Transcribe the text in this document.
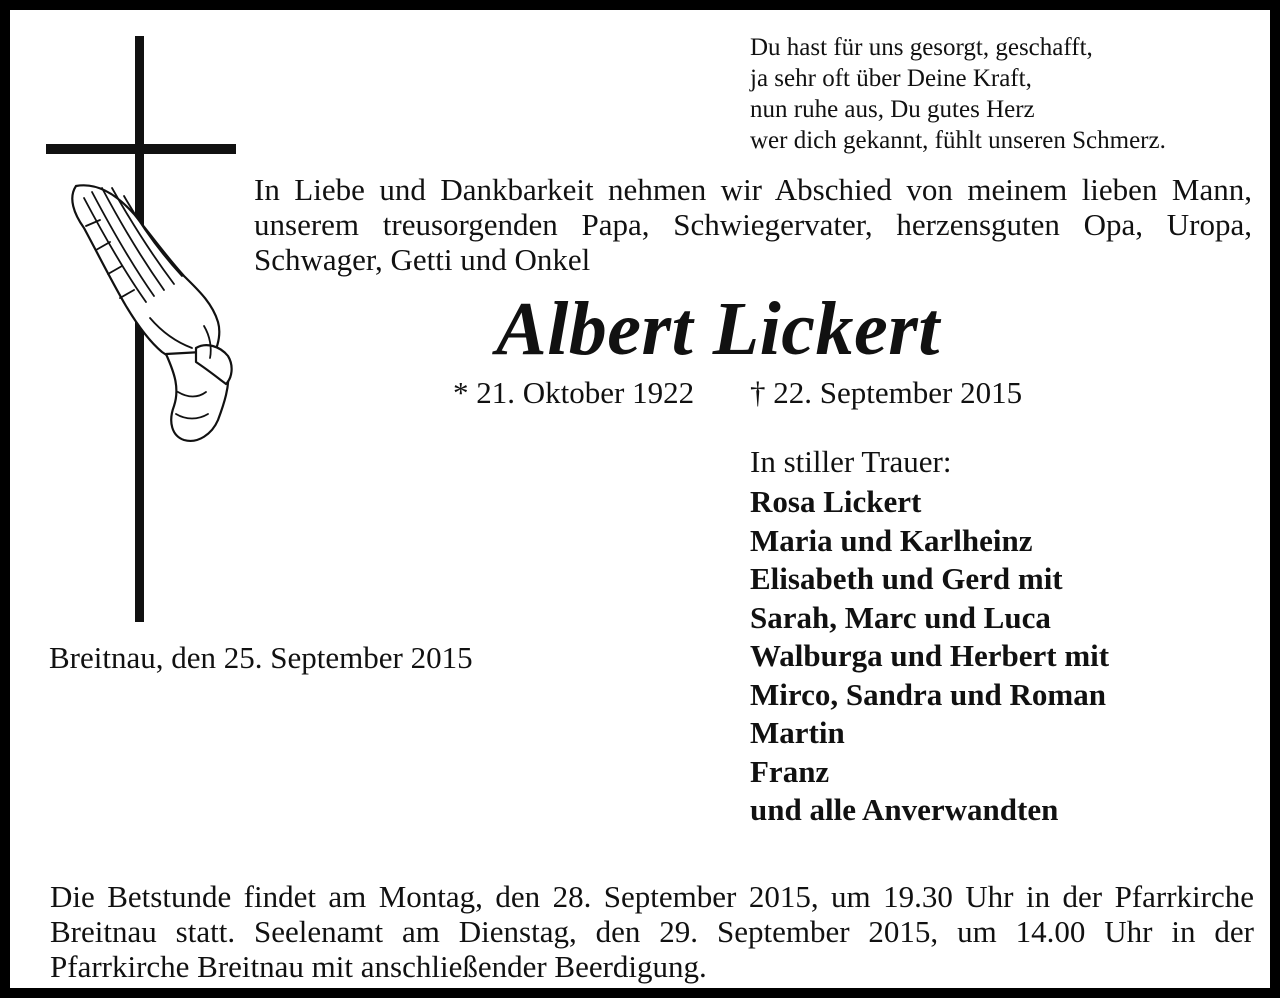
Du hast für uns gesorgt, geschafft,
ja sehr oft über Deine Kraft,
nun ruhe aus, Du gutes Herz
wer dich gekannt, fühlt unseren Schmerz.
In Liebe und Dankbarkeit nehmen wir Abschied von meinem lieben Mann, unserem treusorgenden Papa, Schwiegervater, herzensguten Opa, Uropa, Schwager, Getti und Onkel
Albert Lickert
* 21. Oktober 1922 † 22. September 2015
In stiller Trauer:
Rosa Lickert
Maria und Karlheinz
Elisabeth und Gerd mit
Sarah, Marc und Luca
Walburga und Herbert mit
Mirco, Sandra und Roman
Martin
Franz
und alle Anverwandten
Breitnau, den 25. September 2015
Die Betstunde findet am Montag, den 28. September 2015, um 19.30 Uhr in der Pfarrkirche Breitnau statt. Seelenamt am Dienstag, den 29. September 2015, um 14.00 Uhr in der Pfarrkirche Breitnau mit anschließender Beerdigung.
